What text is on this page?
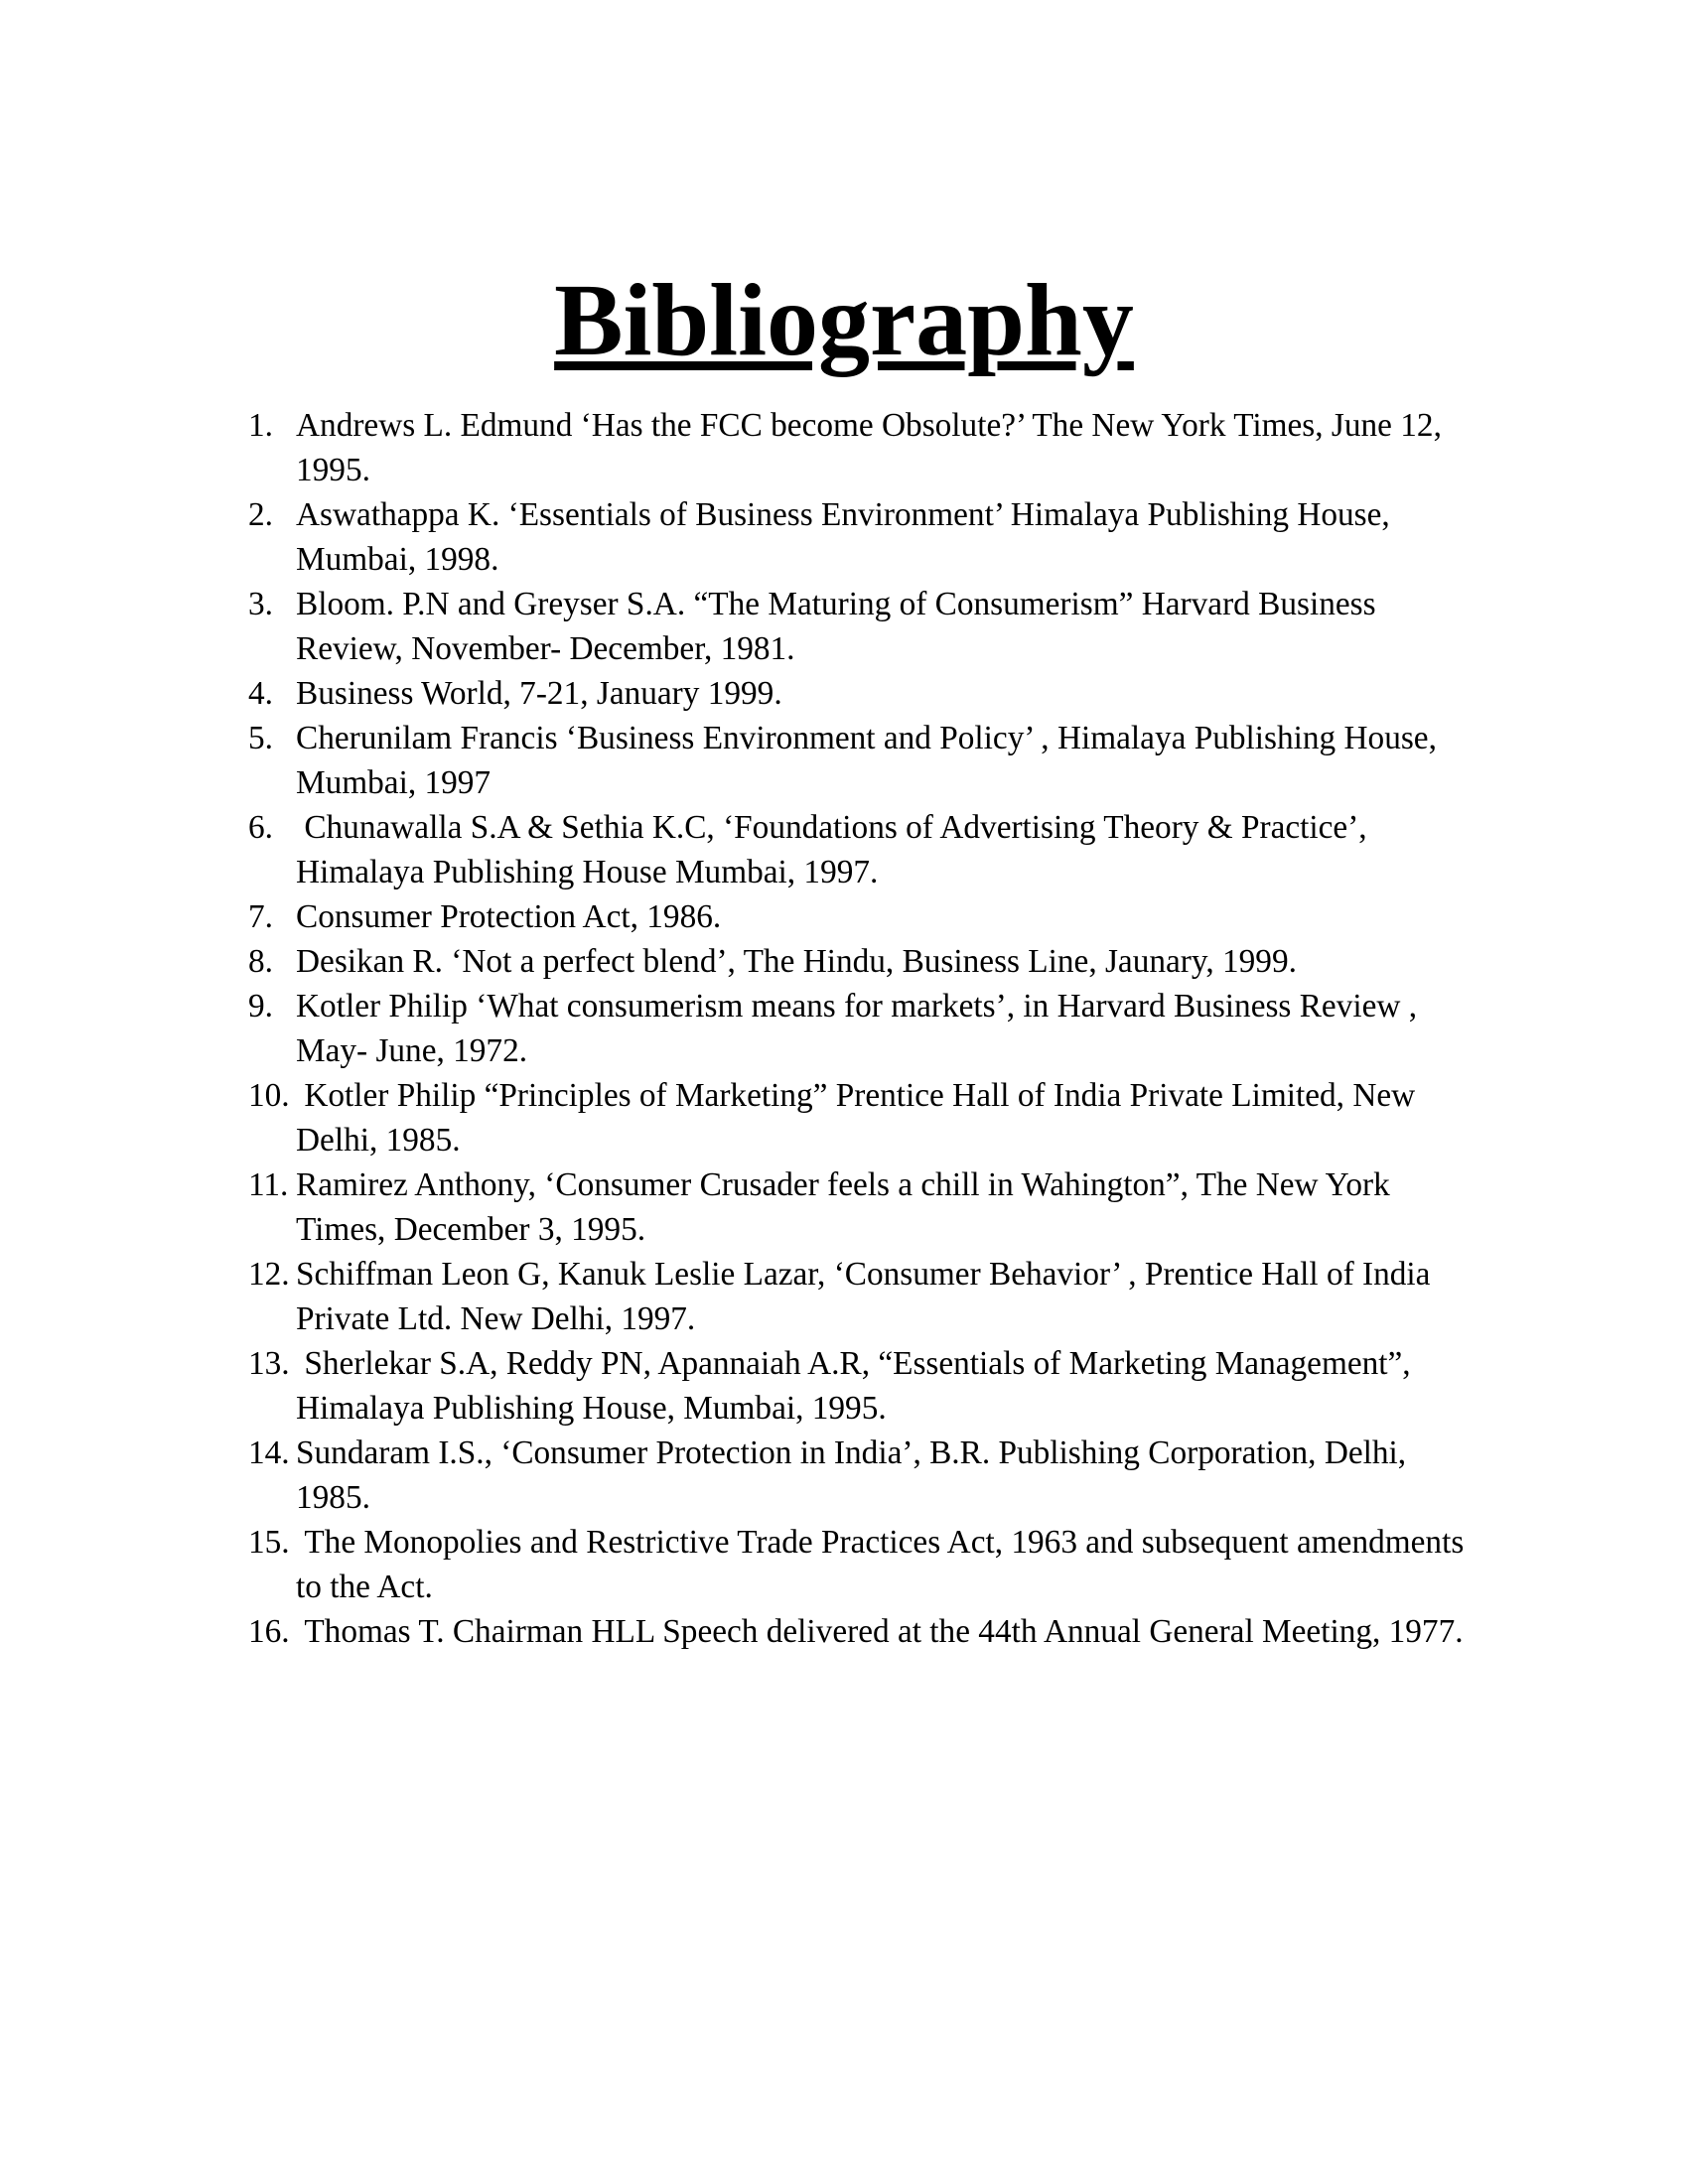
Bibliography
1. Andrews L. Edmund ‘Has the FCC become Obsolute?’ The New York Times, June 12, 1995.
2. Aswathappa K. ‘Essentials of Business Environment’ Himalaya Publishing House, Mumbai, 1998.
3. Bloom. P.N and Greyser S.A. “The Maturing of Consumerism” Harvard Business Review, November- December, 1981.
4. Business World, 7-21, January 1999.
5. Cherunilam Francis ‘Business Environment and Policy’ , Himalaya Publishing House, Mumbai, 1997
6. Chunawalla S.A & Sethia K.C, ‘Foundations of Advertising Theory & Practice’, Himalaya Publishing House Mumbai, 1997.
7. Consumer Protection Act, 1986.
8. Desikan R. ‘Not a perfect blend’, The Hindu, Business Line, Jaunary, 1999.
9. Kotler Philip ‘What consumerism means for markets’, in Harvard Business Review , May- June, 1972.
10. Kotler Philip “Principles of Marketing” Prentice Hall of India Private Limited, New Delhi, 1985.
11. Ramirez Anthony, ‘Consumer Crusader feels a chill in Wahington”, The New York Times, December 3, 1995.
12. Schiffman Leon G, Kanuk Leslie Lazar, ‘Consumer Behavior’ , Prentice Hall of India Private Ltd. New Delhi, 1997.
13. Sherlekar S.A, Reddy PN, Apannaiah A.R, “Essentials of Marketing Management”, Himalaya Publishing House, Mumbai, 1995.
14. Sundaram I.S., ‘Consumer Protection in India’, B.R. Publishing Corporation, Delhi, 1985.
15. The Monopolies and Restrictive Trade Practices Act, 1963 and subsequent amendments to the Act.
16. Thomas T. Chairman HLL Speech delivered at the 44th Annual General Meeting, 1977.
